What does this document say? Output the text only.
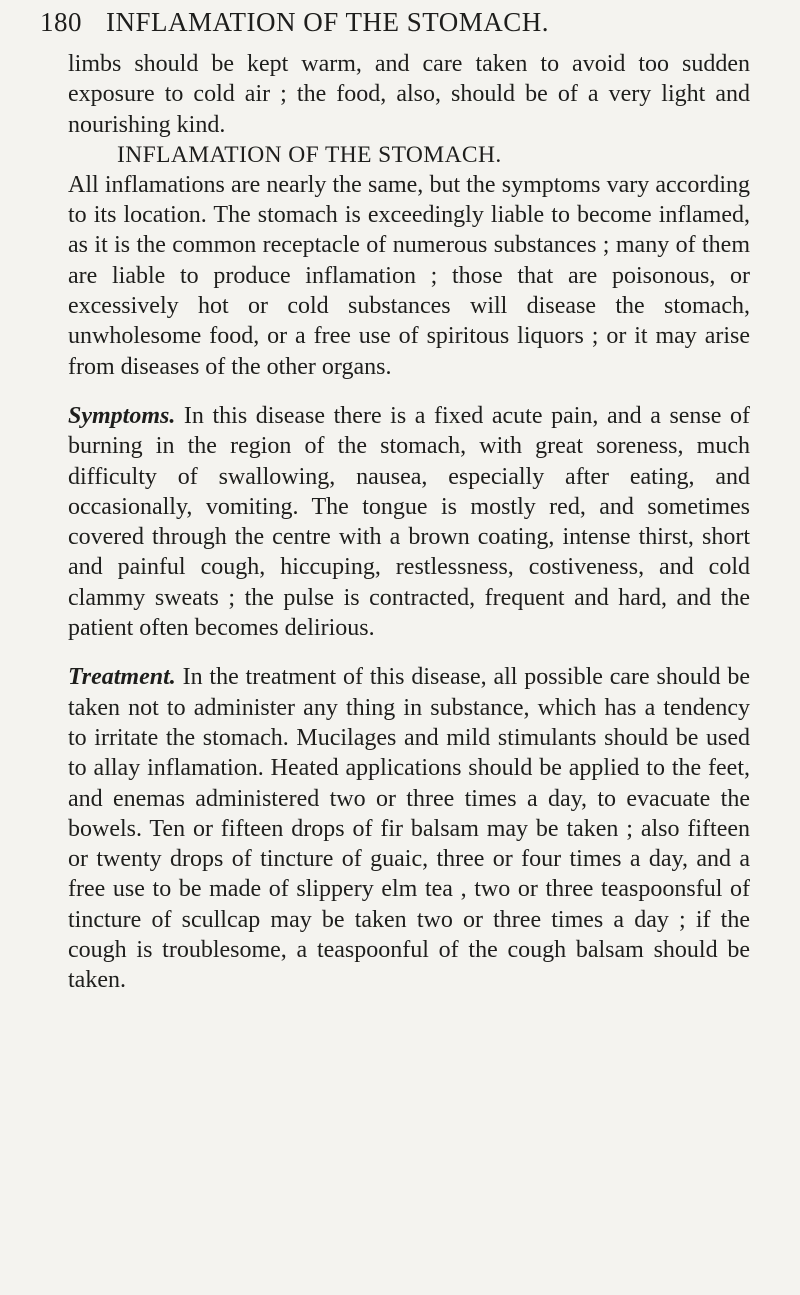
180 INFLAMATION OF THE STOMACH.

limbs should be kept warm, and care taken to avoid too sudden exposure to cold air ; the food, also, should be of a very light and nourishing kind.

INFLAMATION OF THE STOMACH.

All inflamations are nearly the same, but the symptoms vary according to its location. The stomach is exceedingly liable to become inflamed, as it is the common receptacle of numerous substances ; many of them are liable to produce inflamation ; those that are poisonous, or excessively hot or cold substances will disease the stomach, unwholesome food, or a free use of spiritous liquors ; or it may arise from diseases of the other organs.

Symptoms. In this disease there is a fixed acute pain, and a sense of burning in the region of the stomach, with great soreness, much difficulty of swallowing, nausea, especially after eating, and occasionally, vomiting. The tongue is mostly red, and sometimes covered through the centre with a brown coating, intense thirst, short and painful cough, hiccuping, restlessness, costiveness, and cold clammy sweats ; the pulse is contracted, frequent and hard, and the patient often becomes delirious.

Treatment. In the treatment of this disease, all possible care should be taken not to administer any thing in substance, which has a tendency to irritate the stomach. Mucilages and mild stimulants should be used to allay inflamation. Heated applications should be applied to the feet, and enemas administered two or three times a day, to evacuate the bowels. Ten or fifteen drops of fir balsam may be taken ; also fifteen or twenty drops of tincture of guaic, three or four times a day, and a free use to be made of slippery elm tea , two or three teaspoonsful of tincture of scullcap may be taken two or three times a day ; if the cough is troublesome, a teaspoonful of the cough balsam should be taken.
